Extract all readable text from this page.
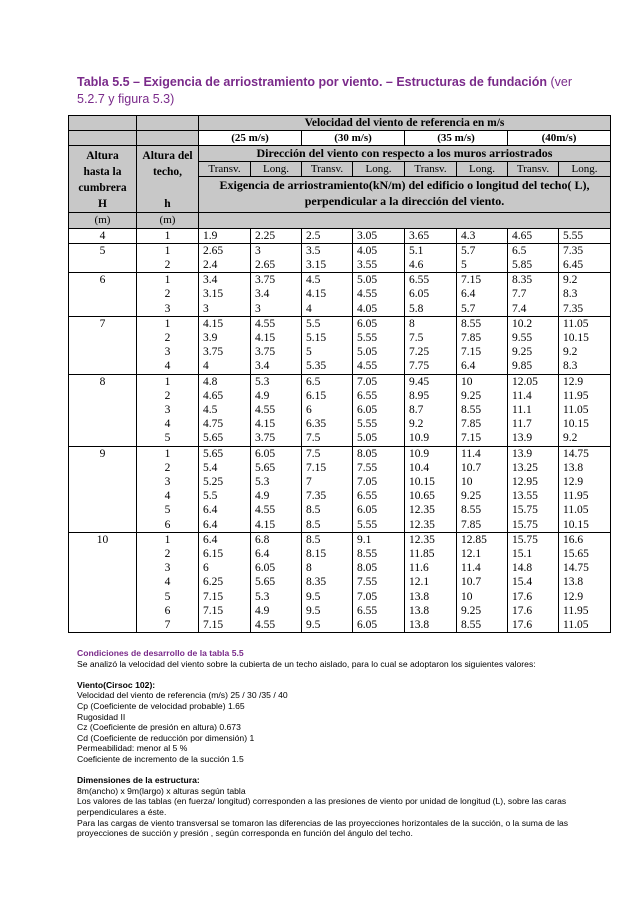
Tabla 5.5 – Exigencia de arriostramiento por viento. – Estructuras de fundación (ver 5.2.7 y figura 5.3)
		Velocidad del viento de referencia en m/s							
		(25 m/s)		(30 m/s)		(35 m/s)		(40m/s)	
Altura hasta la cumbrera
H	Altura del techo,

h	Dirección del viento con respecto a los muros arriostrados							
		Transv.	Long.	Transv.	Long.	Transv.	Long.	Transv.	Long.
		Exigencia de arriostramiento(kN/m) del edificio o longitud del techo( L), perpendicular a la dirección del viento.							

(m)	(m)								
4	1	1.9	2.25	2.5	3.05	3.65	4.3	4.65	5.55
5	1	2.65	3	3.5	4.05	5.1	5.7	6.5	7.35
	2	2.4	2.65	3.15	3.55	4.6	5	5.85	6.45
6	1	3.4	3.75	4.5	5.05	6.55	7.15	8.35	9.2
	2	3.15	3.4	4.15	4.55	6.05	6.4	7.7	8.3
	3	3	3	4	4.05	5.8	5.7	7.4	7.35
7	1	4.15	4.55	5.5	6.05	8	8.55	10.2	11.05
	2	3.9	4.15	5.15	5.55	7.5	7.85	9.55	10.15
	3	3.75	3.75	5	5.05	7.25	7.15	9.25	9.2
	4	4	3.4	5.35	4.55	7.75	6.4	9.85	8.3
8	1	4.8	5.3	6.5	7.05	9.45	10	12.05	12.9
	2	4.65	4.9	6.15	6.55	8.95	9.25	11.4	11.95
	3	4.5	4.55	6	6.05	8.7	8.55	11.1	11.05
	4	4.75	4.15	6.35	5.55	9.2	7.85	11.7	10.15
	5	5.65	3.75	7.5	5.05	10.9	7.15	13.9	9.2
9	1	5.65	6.05	7.5	8.05	10.9	11.4	13.9	14.75
	2	5.4	5.65	7.15	7.55	10.4	10.7	13.25	13.8
	3	5.25	5.3	7	7.05	10.15	10	12.95	12.9
	4	5.5	4.9	7.35	6.55	10.65	9.25	13.55	11.95
	5	6.4	4.55	8.5	6.05	12.35	8.55	15.75	11.05
	6	6.4	4.15	8.5	5.55	12.35	7.85	15.75	10.15
10	1	6.4	6.8	8.5	9.1	12.35	12.85	15.75	16.6
	2	6.15	6.4	8.15	8.55	11.85	12.1	15.1	15.65
	3	6	6.05	8	8.05	11.6	11.4	14.8	14.75
	4	6.25	5.65	8.35	7.55	12.1	10.7	15.4	13.8
	5	7.15	5.3	9.5	7.05	13.8	10	17.6	12.9
	6	7.15	4.9	9.5	6.55	13.8	9.25	17.6	11.95
	7	7.15	4.55	9.5	6.05	13.8	8.55	17.6	11.05

Condiciones de desarrollo de la tabla 5.5

Se analizó la velocidad del viento sobre la cubierta de un techo aislado, para lo cual se adoptaron los siguientes valores:

Viento(Cirsoc 102):

Velocidad del viento de referencia (m/s) 25 / 30 /35 / 40

Cp (Coeficiente de velocidad probable) 1.65

Rugosidad II

Cz (Coeficiente de presión en altura) 0.673

Cd (Coeficiente de reducción por dimensión) 1

Permeabilidad: menor al 5 %

Coeficiente de incremento de la succión 1.5

Dimensiones de la estructura:

8m(ancho) x 9m(largo) x alturas según tabla

Los valores de las tablas (en fuerza/ longitud) corresponden a las presiones de viento por unidad de longitud (L), sobre las caras perpendiculares a éste.

Para las cargas de viento transversal se tomaron las diferencias de las proyecciones horizontales de la succión, o la suma de las proyecciones de succión y presión , según corresponda en función del ángulo del techo.
